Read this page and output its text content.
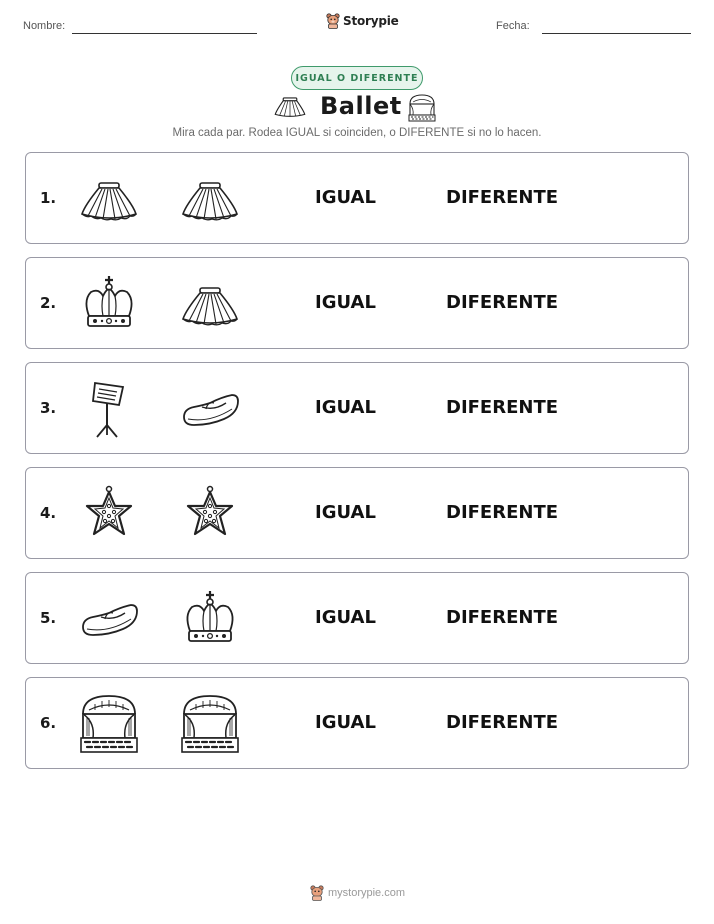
Nombre:	Storypie	Fecha:
IGUAL O DIFERENTE
Ballet
Mira cada par. Rodea IGUAL si coinciden, o DIFERENTE si no lo hacen.
1.	IGUAL	DIFERENTE
2.	IGUAL	DIFERENTE
3.	IGUAL	DIFERENTE
4.	IGUAL	DIFERENTE
5.	IGUAL	DIFERENTE
6.	IGUAL	DIFERENTE
mystorypie.com
